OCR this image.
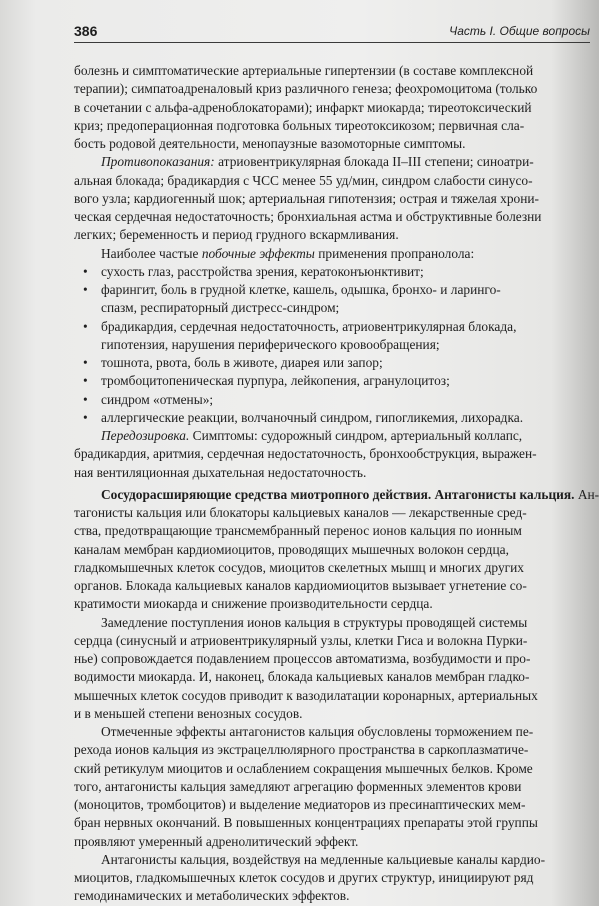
386	Часть I. Общие вопросы
болезнь и симптоматические артериальные гипертензии (в составе комплексной
терапии); симпатоадреналовый криз различного генеза; феохромоцитома (только
в сочетании с альфа-адреноблокаторами); инфаркт миокарда; тиреотоксический
криз; предоперационная подготовка больных тиреотоксикозом; первичная сла-
бость родовой деятельности, менопаузные вазомоторные симптомы.
Противопоказания: атриовентрикулярная блокада II–III степени; синоатри-
альная блокада; брадикардия с ЧСС менее 55 уд/мин, синдром слабости синусо-
вого узла; кардиогенный шок; артериальная гипотензия; острая и тяжелая хрони-
ческая сердечная недостаточность; бронхиальная астма и обструктивные болезни
легких; беременность и период грудного вскармливания.
Наиболее частые побочные эффекты применения пропранолола:
• сухость глаз, расстройства зрения, кератоконъюнктивит;
• фарингит, боль в грудной клетке, кашель, одышка, бронхо- и ларинго-
спазм, респираторный дистресс-синдром;
• брадикардия, сердечная недостаточность, атриовентрикулярная блокада,
гипотензия, нарушения периферического кровообращения;
• тошнота, рвота, боль в животе, диарея или запор;
• тромбоцитопеническая пурпура, лейкопения, агранулоцитоз;
• синдром «отмены»;
• аллергические реакции, волчаночный синдром, гипогликемия, лихорадка.
Передозировка. Симптомы: судорожный синдром, артериальный коллапс,
брадикардия, аритмия, сердечная недостаточность, бронхообструкция, выражен-
ная вентиляционная дыхательная недостаточность.
Сосудорасширяющие средства миотропного действия. Антагонисты кальция. Ан-
тагонисты кальция или блокаторы кальциевых каналов — лекарственные сред-
ства, предотвращающие трансмембранный перенос ионов кальция по ионным
каналам мембран кардиомиоцитов, проводящих мышечных волокон сердца,
гладкомышечных клеток сосудов, миоцитов скелетных мышц и многих других
органов. Блокада кальциевых каналов кардиомиоцитов вызывает угнетение со-
кратимости миокарда и снижение производительности сердца.
Замедление поступления ионов кальция в структуры проводящей системы
сердца (синусный и атриовентрикулярный узлы, клетки Гиса и волокна Пурки-
нье) сопровождается подавлением процессов автоматизма, возбудимости и про-
водимости миокарда. И, наконец, блокада кальциевых каналов мембран гладко-
мышечных клеток сосудов приводит к вазодилатации коронарных, артериальных
и в меньшей степени венозных сосудов.
Отмеченные эффекты антагонистов кальция обусловлены торможением пе-
рехода ионов кальция из экстрацеллюлярного пространства в саркоплазматиче-
ский ретикулум миоцитов и ослаблением сокращения мышечных белков. Кроме
того, антагонисты кальция замедляют агрегацию форменных элементов крови
(моноцитов, тромбоцитов) и выделение медиаторов из пресинаптических мем-
бран нервных окончаний. В повышенных концентрациях препараты этой группы
проявляют умеренный адренолитический эффект.
Антагонисты кальция, воздействуя на медленные кальциевые каналы кардио-
миоцитов, гладкомышечных клеток сосудов и других структур, инициируют ряд
гемодинамических и метаболических эффектов.
